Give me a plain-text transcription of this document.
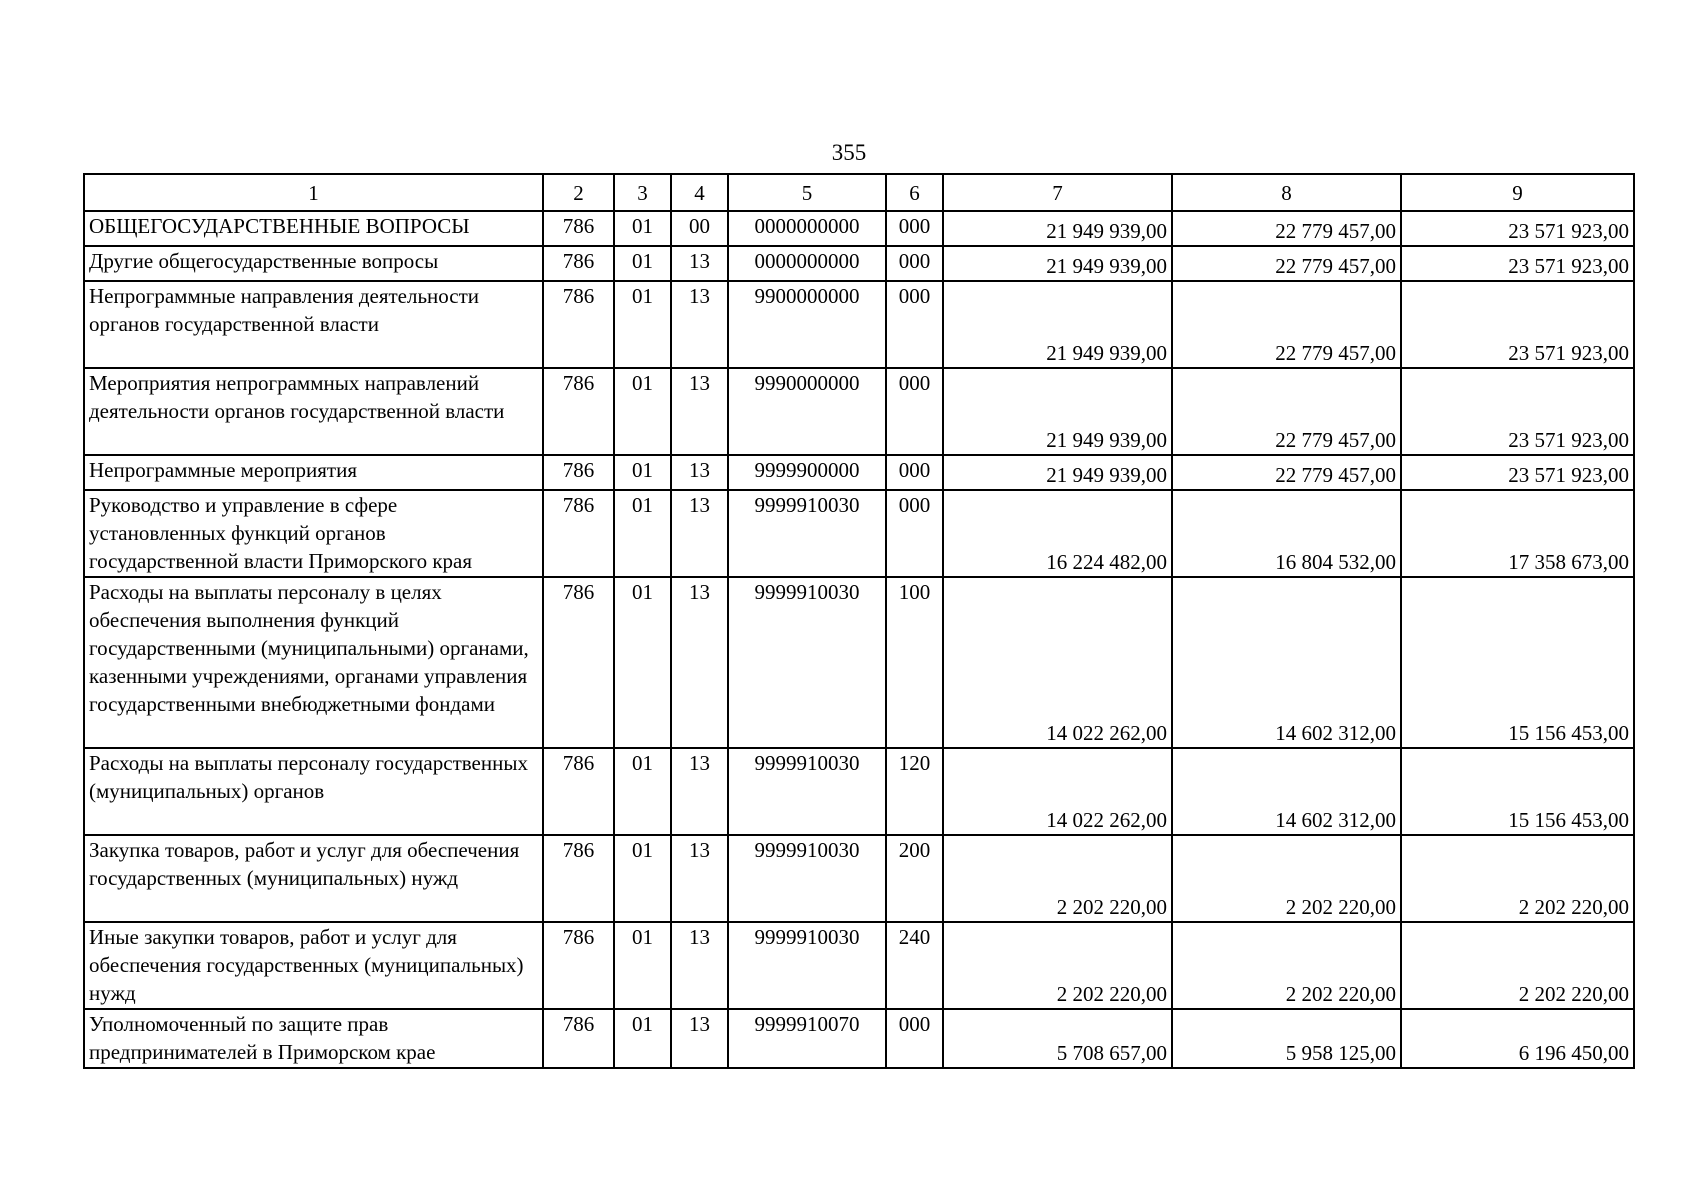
355
1	2	3	4	5	6	7	8	9
ОБЩЕГОСУДАРСТВЕННЫЕ ВОПРОСЫ	786	01	00	0000000000	000	21 949 939,00	22 779 457,00	23 571 923,00
Другие общегосударственные вопросы	786	01	13	0000000000	000	21 949 939,00	22 779 457,00	23 571 923,00
Непрограммные направления деятельности органов государственной власти	786	01	13	9900000000	000	21 949 939,00	22 779 457,00	23 571 923,00
Мероприятия непрограммных направлений деятельности органов государственной власти	786	01	13	9990000000	000	21 949 939,00	22 779 457,00	23 571 923,00
Непрограммные мероприятия	786	01	13	9999900000	000	21 949 939,00	22 779 457,00	23 571 923,00
Руководство и управление в сфере установленных функций органов государственной власти Приморского края	786	01	13	9999910030	000	16 224 482,00	16 804 532,00	17 358 673,00
Расходы на выплаты персоналу в целях обеспечения выполнения функций государственными (муниципальными) органами, казенными учреждениями, органами управления государственными внебюджетными фондами	786	01	13	9999910030	100	14 022 262,00	14 602 312,00	15 156 453,00
Расходы на выплаты персоналу государственных (муниципальных) органов	786	01	13	9999910030	120	14 022 262,00	14 602 312,00	15 156 453,00
Закупка товаров, работ и услуг для обеспечения государственных (муниципальных) нужд	786	01	13	9999910030	200	2 202 220,00	2 202 220,00	2 202 220,00
Иные закупки товаров, работ и услуг для обеспечения государственных (муниципальных) нужд	786	01	13	9999910030	240	2 202 220,00	2 202 220,00	2 202 220,00
Уполномоченный по защите прав предпринимателей в Приморском крае	786	01	13	9999910070	000	5 708 657,00	5 958 125,00	6 196 450,00
